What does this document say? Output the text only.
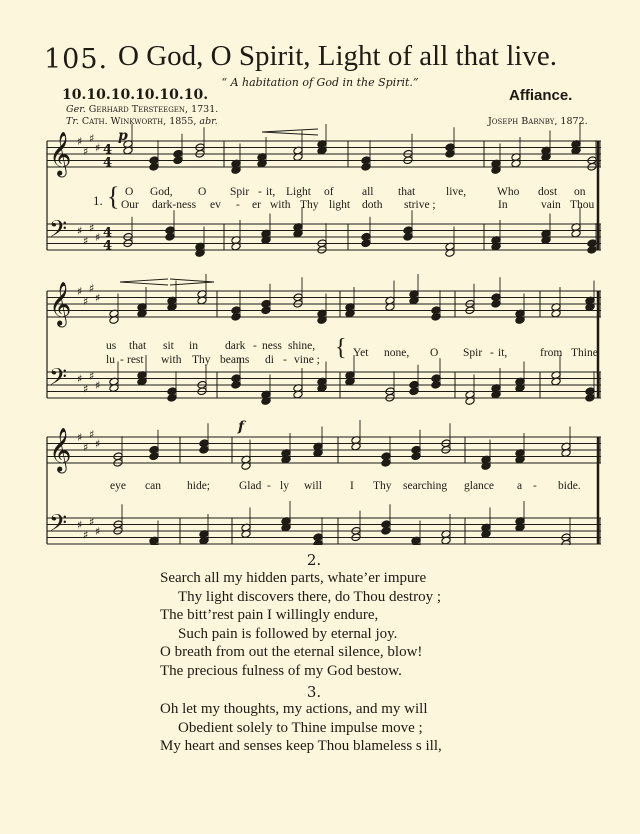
105. O God, O Spirit, Light of all that live.
“ A habitation of God in the Spirit.”
10.10.10.10.10.10.	Affiance.
Ger. Gerhard Tersteegen, 1731.
Tr. Cath. Winkworth, 1855, abr.	Joseph Barnby, 1872.
𝄞 ♯
♯
♯
♯
𝄢 ♯
♯
♯
♯
𝄞 ♯
♯
♯
♯
𝄢 ♯
♯
♯
♯
𝄞 ♯
♯
♯
♯
𝄢 ♯
♯
♯
♯
4
4
4
4
p
f
1. { O God, O Spir - it, Light of all that	live,	Who dost on
Our dark-ness ev - er with Thy light doth strive ;	In	vain Thou
us that sit in dark - ness shine,
lu - rest with Thy beams di - vine ; { Yet none, O Spir - it,	from Thine
eye can hide;	Glad - ly will I Thy searching glance a - bide.
2.
Search all my hidden parts, whate’er impure
Thy light discovers there, do Thou destroy ;
The bitt’rest pain I willingly endure,
Such pain is followed by eternal joy.
O breath from out the eternal silence, blow!
The precious fulness of my God bestow.
3.
Oh let my thoughts, my actions, and my will
Obedient solely to Thine impulse move ;
My heart and senses keep Thou blameless s ill,
